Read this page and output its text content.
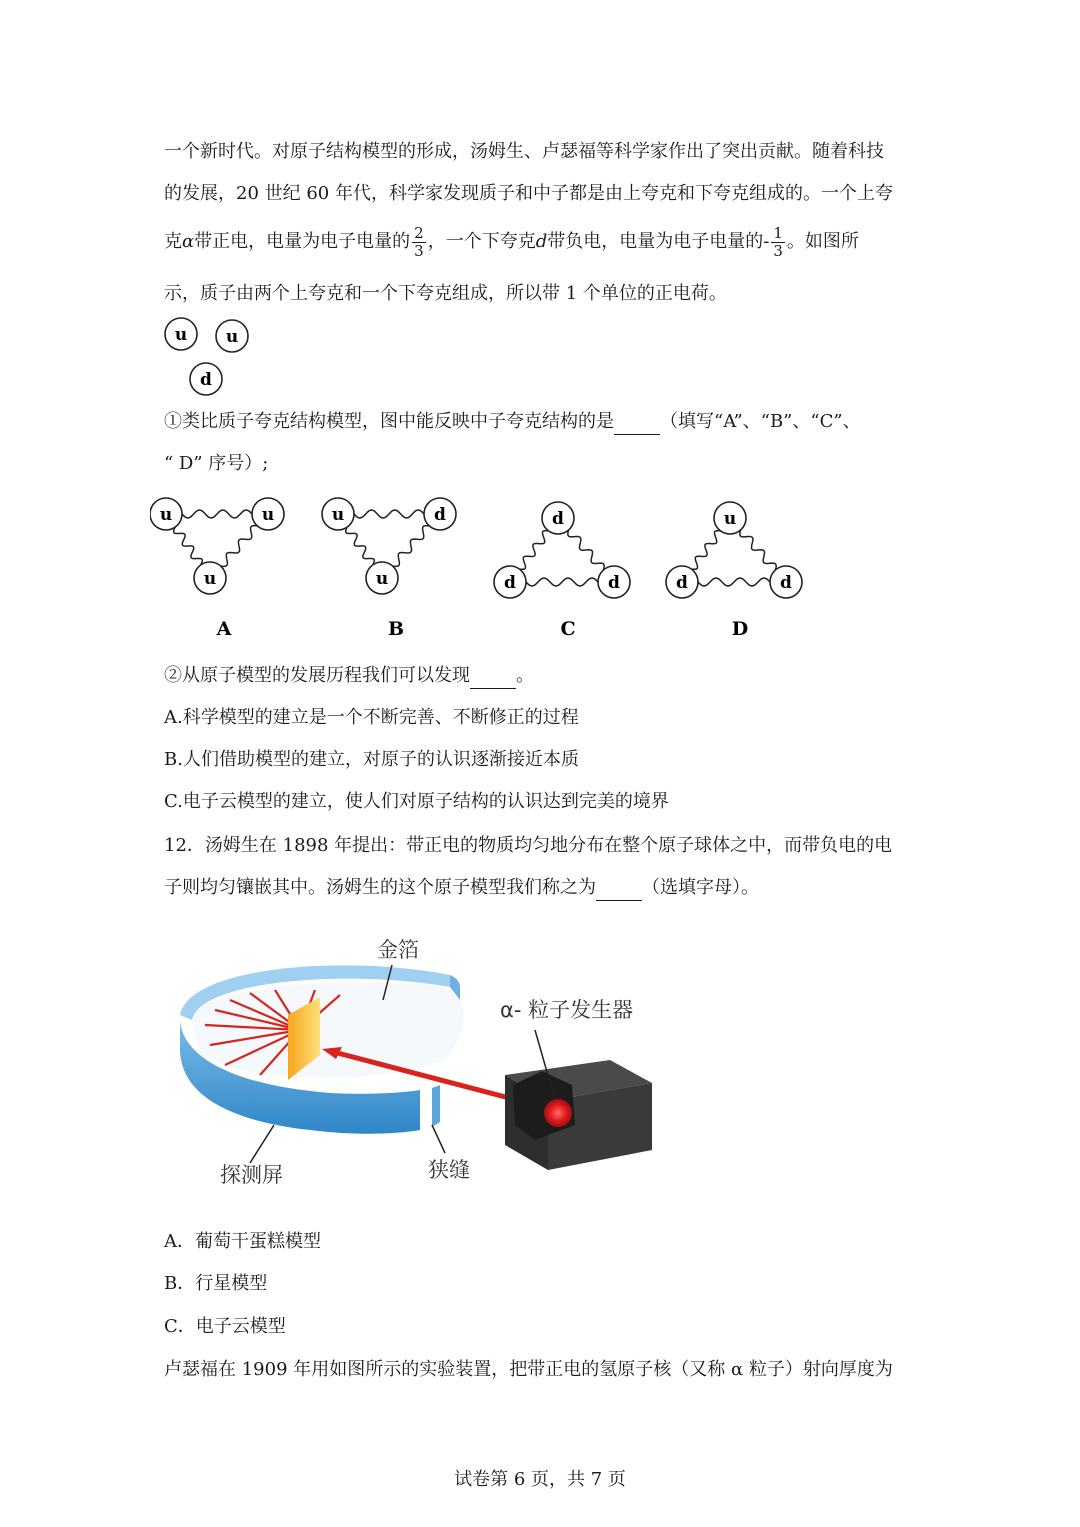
一个新时代。对原子结构模型的形成，汤姆生、卢瑟福等科学家作出了突出贡献。随着科技
的发展，20 世纪 60 年代，科学家发现质子和中子都是由上夸克和下夸克组成的。一个上夸
克α带正电，电量为电子电量的 $\frac{2}{3}$ ，一个下夸克d带负电，电量为电子电量的- $\frac{1}{3}$ 。如图所
示，质子由两个上夸克和一个下夸克组成，所以带 1 个单位的正电荷。
u u
d
①类比质子夸克结构模型，图中能反映中子夸克结构的是	（填写“A”、“B”、“C”、
“ D” 序号）;
u	u
u
A
u	d
u
B
d
d	d
C
u
d	d
D
②从原子模型的发展历程我们可以发现	。
A.科学模型的建立是一个不断完善、不断修正的过程
B.人们借助模型的建立，对原子的认识逐渐接近本质
C.电子云模型的建立，使人们对原子结构的认识达到完美的境界
12．汤姆生在 1898 年提出：带正电的物质均匀地分布在整个原子球体之中，而带负电的电
子则均匀镶嵌其中。汤姆生的这个原子模型我们称之为	（选填字母）。
金箔
α- 粒子发生器
探测屏	狭缝
A．葡萄干蛋糕模型
B．行星模型
C．电子云模型
卢瑟福在 1909 年用如图所示的实验装置，把带正电的氢原子核（又称 α 粒子）射向厚度为
试卷第 6 页，共 7 页
